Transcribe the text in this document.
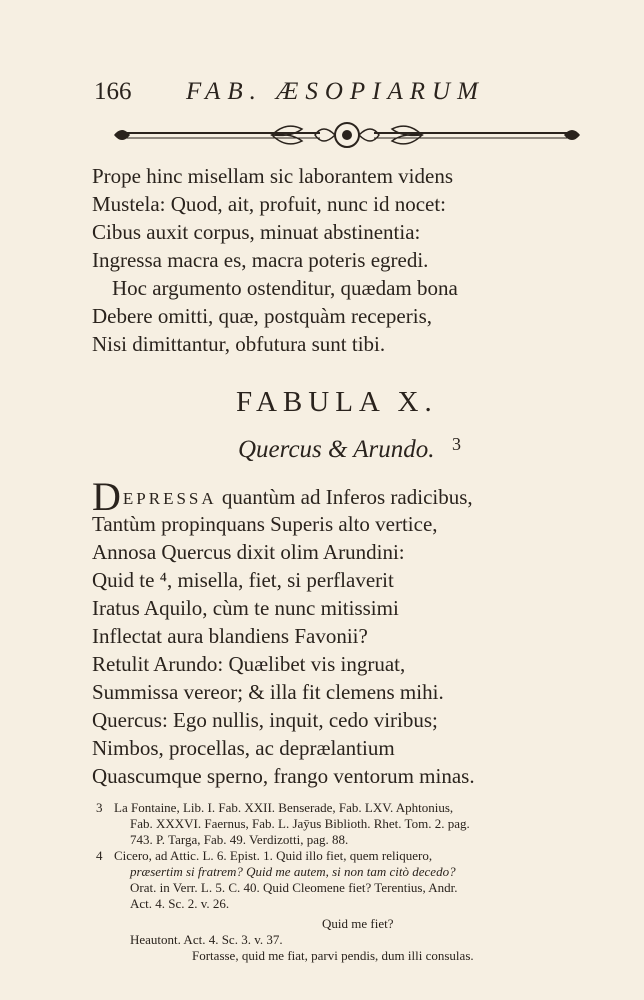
166 FAB. ÆSOPIARUM
Prope hinc misellam sic laborantem videns
Mustela: Quod, ait, profuit, nunc id nocet:
Cibus auxit corpus, minuat abstinentia:
Ingressa macra es, macra poteris egredi.
Hoc argumento ostenditur, quædam bona
Debere omitti, quæ, postquàm receperis,
Nisi dimittantur, obfutura sunt tibi.
FABULA X.
Quercus & Arundo. 3
DEPRESSA quantùm ad Inferos radicibus,
Tantùm propinquans Superis alto vertice,
Annosa Quercus dixit olim Arundini:
Quid te ⁴, misella, fiet, si perflaverit
Iratus Aquilo, cùm te nunc mitissimi
Inflectat aura blandiens Favonii?
Retulit Arundo: Quælibet vis ingruat,
Summissa vereor; & illa fit clemens mihi.
Quercus: Ego nullis, inquit, cedo viribus;
Nimbos, procellas, ac deprælantium
Quascumque sperno, frango ventorum minas.
3 La Fontaine, Lib. I. Fab. XXII. Benserade, Fab. LXV. Aphtonius,
Fab. XXXVI. Faernus, Fab. L. Jaȳus Biblioth. Rhet. Tom. 2. pag.
743. P. Targa, Fab. 49. Verdizotti, pag. 88.
4 Cicero, ad Attic. L. 6. Epist. 1. Quid illo fiet, quem reliquero,
præsertim si fratrem? Quid me autem, si non tam citò decedo?
Orat. in Verr. L. 5. C. 40. Quid Cleomene fiet? Terentius, Andr.
Act. 4. Sc. 2. v. 26.
Quid me fiet?
Heautont. Act. 4. Sc. 3. v. 37.
Fortasse, quid me fiat, parvi pendis, dum illi consulas.
